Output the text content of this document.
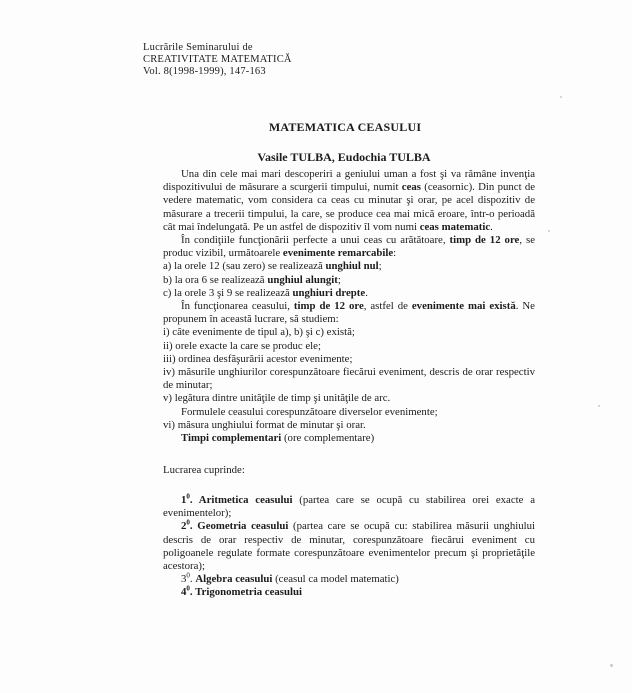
Lucrările Seminarului de
CREATIVITATE MATEMATICĂ
Vol. 8(1998-1999), 147-163
MATEMATICA CEASULUI
Vasile TULBA, Eudochia TULBA
Una din cele mai mari descoperiri a geniului uman a fost şi va rămâne invenţia dispozitivului de măsurare a scurgerii timpului, numit ceas (ceasornic). Din punct de vedere matematic, vom considera ca ceas cu minutar şi orar, pe acel dispozitiv de măsurare a trecerii timpului, la care, se produce cea mai mică eroare, într-o perioadă cât mai îndelungată. Pe un astfel de dispozitiv îl vom numi ceas matematic.
În condiţiile funcţionării perfecte a unui ceas cu arătătoare, timp de 12 ore, se produc vizibil, următoarele evenimente remarcabile:
a) la orele 12 (sau zero) se realizează unghiul nul;
b) la ora 6 se realizează unghiul alungit;
c) la orele 3 şi 9 se realizează unghiuri drepte.
În funcţionarea ceasului, timp de 12 ore, astfel de evenimente mai există. Ne propunem în această lucrare, să studiem:
i) câte evenimente de tipul a), b) şi c) există;
ii) orele exacte la care se produc ele;
iii) ordinea desfăşurării acestor evenimente;
iv) măsurile unghiurilor corespunzătoare fiecărui eveniment, descris de orar respectiv de minutar;
v) legătura dintre unităţile de timp şi unităţile de arc.
Formulele ceasului corespunzătoare diverselor evenimente;
vi) măsura unghiului format de minutar şi orar.
Timpi complementari (ore complementare)
Lucrarea cuprinde:
$1^0$. Aritmetica ceasului (partea care se ocupă cu stabilirea orei exacte a evenimentelor);
$2^0$. Geometria ceasului (partea care se ocupă cu: stabilirea măsurii unghiului descris de orar respectiv de minutar, corespunzătoare fiecărui eveniment cu poligoanele regulate formate corespunzătoare evenimentelor precum şi proprietăţile acestora);
$3^0$. Algebra ceasului (ceasul ca model matematic)
$4^0$. Trigonometria ceasului
